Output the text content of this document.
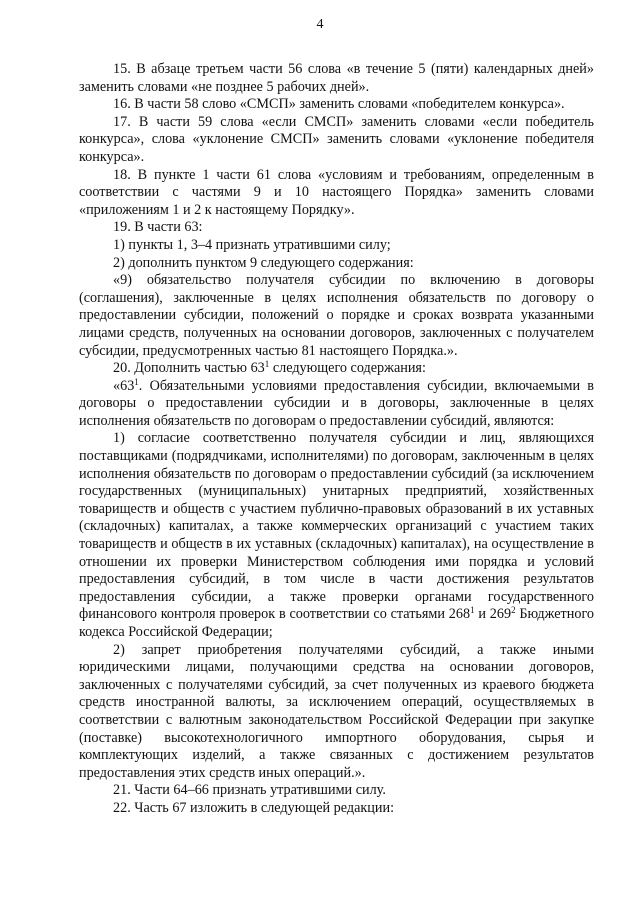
4

15. В абзаце третьем части 56 слова «в течение 5 (пяти) календарных дней» заменить словами «не позднее 5 рабочих дней».

16. В части 58 слово «СМСП» заменить словами «победителем конкурса».

17. В части 59 слова «если СМСП» заменить словами «если победитель конкурса», слова «уклонение СМСП» заменить словами «уклонение победителя конкурса».

18. В пункте 1 части 61 слова «условиям и требованиям, определенным в соответствии с частями 9 и 10 настоящего Порядка» заменить словами «приложениям 1 и 2 к настоящему Порядку».

19. В части 63:

1) пункты 1, 3–4 признать утратившими силу;

2) дополнить пунктом 9 следующего содержания:

«9) обязательство получателя субсидии по включению в договоры (соглашения), заключенные в целях исполнения обязательств по договору о предоставлении субсидии, положений о порядке и сроках возврата указанными лицами средств, полученных на основании договоров, заключенных с получателем субсидии, предусмотренных частью 81 настоящего Порядка.».

20. Дополнить частью $63^1$ следующего содержания:

«$63^1$. Обязательными условиями предоставления субсидии, включаемыми в договоры о предоставлении субсидии и в договоры, заключенные в целях исполнения обязательств по договорам о предоставлении субсидий, являются:

1) согласие соответственно получателя субсидии и лиц, являющихся поставщиками (подрядчиками, исполнителями) по договорам, заключенным в целях исполнения обязательств по договорам о предоставлении субсидий (за исключением государственных (муниципальных) унитарных предприятий, хозяйственных товариществ и обществ с участием публично-правовых образований в их уставных (складочных) капиталах, а также коммерческих организаций с участием таких товариществ и обществ в их уставных (складочных) капиталах), на осуществление в отношении их проверки Министерством соблюдения ими порядка и условий предоставления субсидий, в том числе в части достижения результатов предоставления субсидии, а также проверки органами государственного финансового контроля проверок в соответствии со статьями $268^1$ и $269^2$ Бюджетного кодекса Российской Федерации;

2) запрет приобретения получателями субсидий, а также иными юридическими лицами, получающими средства на основании договоров, заключенных с получателями субсидий, за счет полученных из краевого бюджета средств иностранной валюты, за исключением операций, осуществляемых в соответствии с валютным законодательством Российской Федерации при закупке (поставке) высокотехнологичного импортного оборудования, сырья и комплектующих изделий, а также связанных с достижением результатов предоставления этих средств иных операций.».

21. Части 64–66 признать утратившими силу.

22. Часть 67 изложить в следующей редакции:
